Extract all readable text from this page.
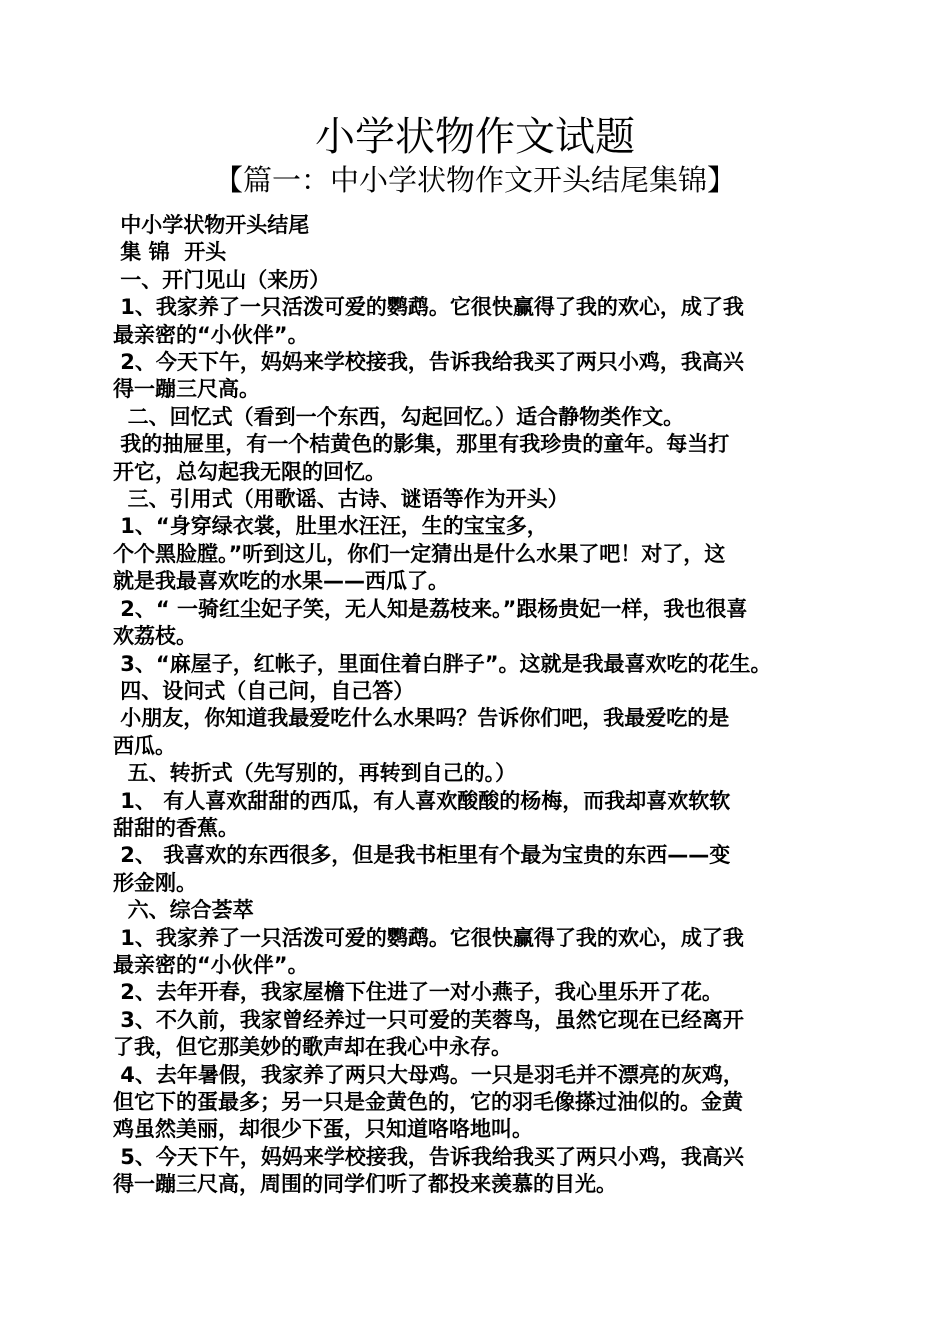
小学状物作文试题
【篇一：中小学状物作文开头结尾集锦】
中小学状物开头结尾
集 锦  开头
一、开门见山（来历）
1、我家养了一只活泼可爱的鹦鹉。它很快赢得了我的欢心，成了我
最亲密的“小伙伴”。
2、今天下午，妈妈来学校接我，告诉我给我买了两只小鸡，我高兴
得一蹦三尺高。
二、回忆式（看到一个东西，勾起回忆。）适合静物类作文。
我的抽屉里，有一个桔黄色的影集，那里有我珍贵的童年。每当打
开它，总勾起我无限的回忆。
三、引用式（用歌谣、古诗、谜语等作为开头）
1、“身穿绿衣裳，肚里水汪汪，生的宝宝多，
个个黑脸膛。”听到这儿，你们一定猜出是什么水果了吧！对了，这
就是我最喜欢吃的水果——西瓜了。
2、“ 一骑红尘妃子笑，无人知是荔枝来。”跟杨贵妃一样，我也很喜
欢荔枝。
3、“麻屋子，红帐子，里面住着白胖子”。这就是我最喜欢吃的花生。
四、设问式（自己问，自己答）
小朋友，你知道我最爱吃什么水果吗？告诉你们吧，我最爱吃的是
西瓜。
五、转折式（先写别的，再转到自己的。）
1、 有人喜欢甜甜的西瓜，有人喜欢酸酸的杨梅，而我却喜欢软软
甜甜的香蕉。
2、 我喜欢的东西很多，但是我书柜里有个最为宝贵的东西——变
形金刚。
六、综合荟萃
1、我家养了一只活泼可爱的鹦鹉。它很快赢得了我的欢心，成了我
最亲密的“小伙伴”。
2、去年开春，我家屋檐下住进了一对小燕子，我心里乐开了花。
3、不久前，我家曾经养过一只可爱的芙蓉鸟，虽然它现在已经离开
了我，但它那美妙的歌声却在我心中永存。
4、去年暑假，我家养了两只大母鸡。一只是羽毛并不漂亮的灰鸡，
但它下的蛋最多；另一只是金黄色的，它的羽毛像搽过油似的。金黄
鸡虽然美丽，却很少下蛋，只知道咯咯地叫。
5、今天下午，妈妈来学校接我，告诉我给我买了两只小鸡，我高兴
得一蹦三尺高，周围的同学们听了都投来羡慕的目光。
